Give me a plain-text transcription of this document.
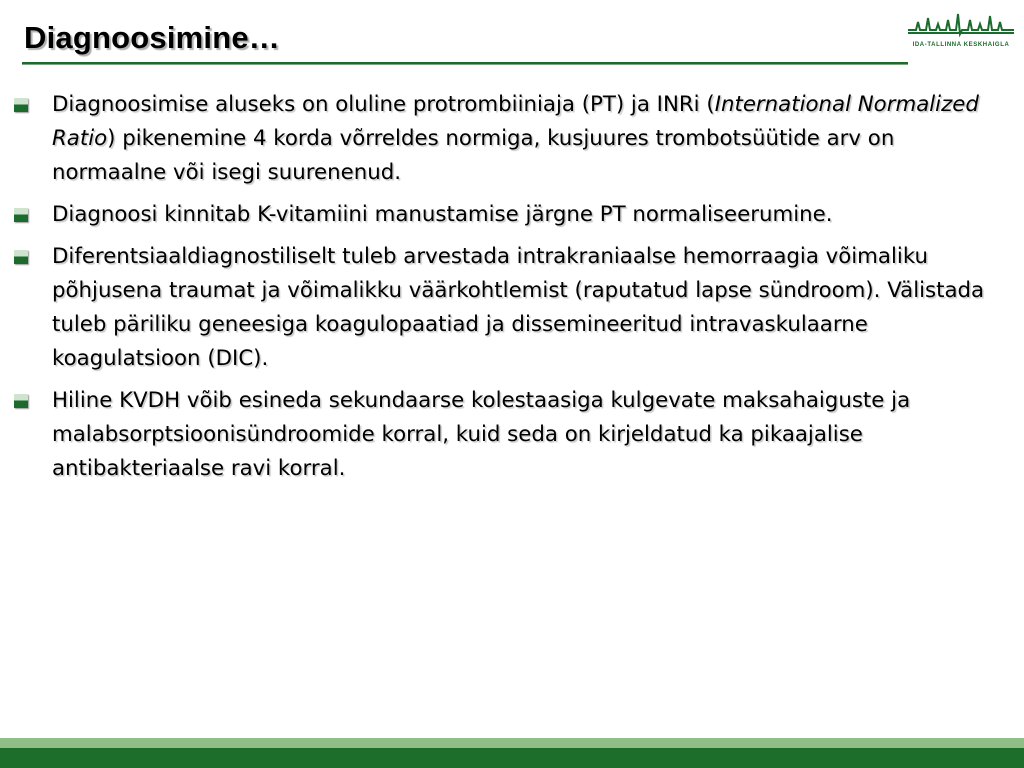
Diagnoosimine…	IDA-TALLINNA KESKHAIGLA
Diagnoosimise aluseks on oluline protrombiiniaja (PT) ja INRi (International Normalized Ratio) pikenemine 4 korda võrreldes normiga, kusjuures trombotsüütide arv on normaalne või isegi suurenenud.
Diagnoosi kinnitab K-vitamiini manustamise järgne PT normaliseerumine.
Diferentsiaaldiagnostiliselt tuleb arvestada intrakraniaalse hemorraagia võimaliku põhjusena traumat ja võimalikku väärkohtlemist (raputatud lapse sündroom). Välistada tuleb päriliku geneesiga koagulopaatiad ja dissemineeritud intravaskulaarne koagulatsioon (DIC).
Hiline KVDH võib esineda sekundaarse kolestaasiga kulgevate maksahaiguste ja malabsorptsioonisündroomide korral, kuid seda on kirjeldatud ka pikaajalise antibakteriaalse ravi korral.
